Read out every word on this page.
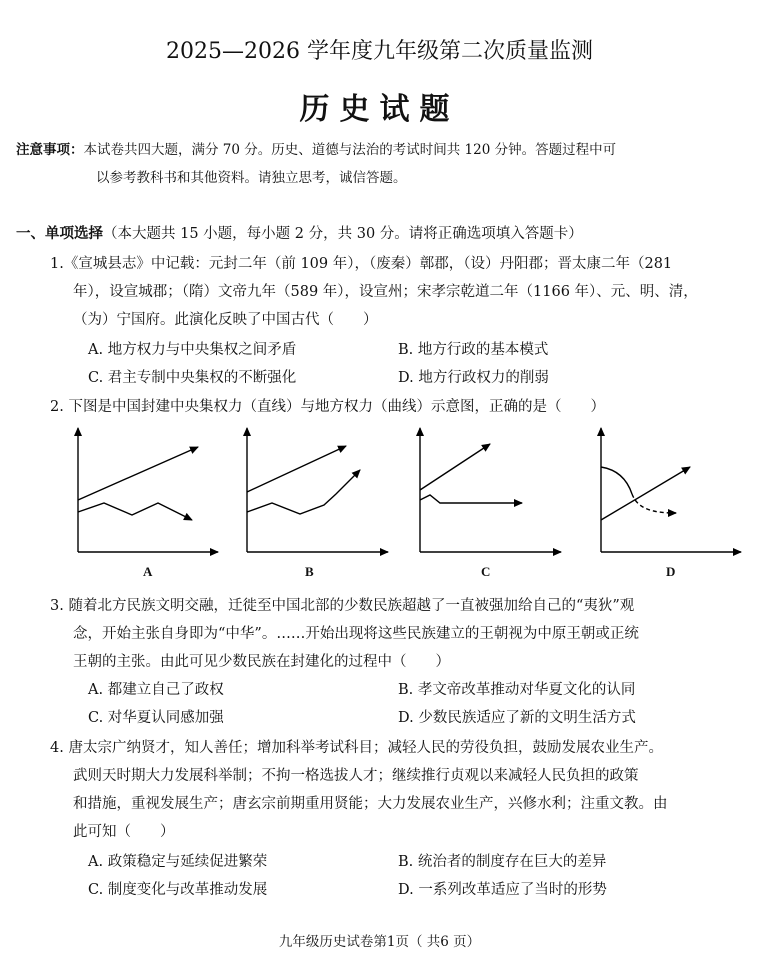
2025—2026 学年度九年级第二次质量监测
历史试题
注意事项：本试卷共四大题，满分 70 分。历史、道德与法治的考试时间共 120 分钟。答题过程中可
以参考教科书和其他资料。请独立思考，诚信答题。
一、单项选择（本大题共 15 小题，每小题 2 分，共 30 分。请将正确选项填入答题卡）
1.《宣城县志》中记载：元封二年（前 109 年），（废秦）鄣郡，（设）丹阳郡；晋太康二年（281
年），设宣城郡；（隋）文帝九年（589 年），设宣州；宋孝宗乾道二年（1166 年）、元、明、清，
（为）宁国府。此演化反映了中国古代（　　）
A. 地方权力与中央集权之间矛盾	B. 地方行政的基本模式
C. 君主专制中央集权的不断强化	D. 地方行政权力的削弱
2. 下图是中国封建中央集权力（直线）与地方权力（曲线）示意图，正确的是（　　）
A	B	C	D
3. 随着北方民族文明交融，迁徙至中国北部的少数民族超越了一直被强加给自己的“夷狄”观
念，开始主张自身即为“中华”。……开始出现将这些民族建立的王朝视为中原王朝或正统
王朝的主张。由此可见少数民族在封建化的过程中（　　）
A. 都建立自己了政权	B. 孝文帝改革推动对华夏文化的认同
C. 对华夏认同感加强	D. 少数民族适应了新的文明生活方式
4. 唐太宗广纳贤才，知人善任；增加科举考试科目；减轻人民的劳役负担，鼓励发展农业生产。
武则天时期大力发展科举制；不拘一格选拔人才；继续推行贞观以来减轻人民负担的政策
和措施，重视发展生产；唐玄宗前期重用贤能；大力发展农业生产，兴修水利；注重文教。由
此可知（　　）
A. 政策稳定与延续促进繁荣	B. 统治者的制度存在巨大的差异
C. 制度变化与改革推动发展	D. 一系列改革适应了当时的形势
九年级历史试卷第1页（ 共6 页）
